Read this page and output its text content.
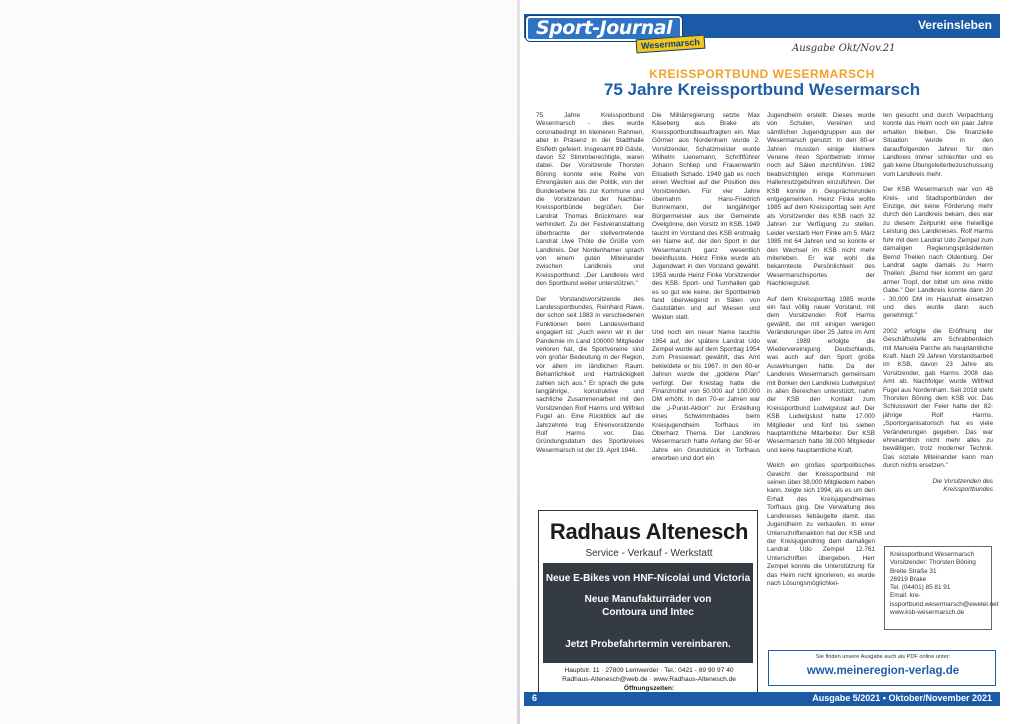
Vereinsleben
Sport-Journal
Wesermarsch	Ausgabe Okt/Nov.21
KREISSPORTBUND WESERMARSCH
75 Jahre Kreissportbund Wesermarsch

75 Jahre Kreissportbund Wesermarsch - dies wurde coronabedingt im kleineren Rahmen, aber in Präsenz in der Stadthalle Elsfleth gefeiert. Insgesamt 89 Gäste, davon 52 Stimmberechtigte, waren dabei. Der Vorsitzende Thorsten Böning konnte eine Reihe von Ehrengästen aus der Politik, von der Bundesebene bis zur Kommune und die Vorsitzenden der Nachbar-Kreissportbünde begrüßen. Der Landrat Thomas Brückmann war verhindert. Zu der Festveranstaltung überbrachte der stellvertretende Landrat Uwe Thöle die Grüße vom Landkreis. Der Nordenhamer sprach von einem guten Miteinander zwischen Landkreis und Kreissportbund: „Der Landkreis wird den Sportbund weiter unterstützen."

Der Vorstandsvorsitzende des Landessportbundes, Reinhard Rawe, der schon seit 1983 in verschiedenen Funktionen beim Landesverband engagiert ist: „Auch wenn wir in der Pandemie im Land 100000 Mitglieder verloren hat, die Sportvereine sind von großer Bedeutung in der Region, vor allem im ländlichen Raum. Beharrlichkeit und Hartnäckigkeit zahlen sich aus." Er sprach die gute langjährige, konstruktive und sachliche Zusammenarbeit mit den Vorsitzenden Rolf Harms und Wilfried Fugel an. Eine Rückblick auf die Jahrzehnte trug Ehrenvorsitzende Rolf Harms vor. Das Gründungsdatum des Sportkreises Wesermarsch ist der 19. April 1946.

Die Militärregierung setzte Max Käseberg aus Brake als Kreissportbundbeauftragten ein. Max Görmer aus Nordenham wurde 2. Vorsitzender, Schatzmeister wurde Wilhelm Lienemann, Schriftführer Johann Schliep und Frauenwartin Elisabeth Schado. 1949 gab es noch einen Wechsel auf der Position des Vorsitzenden. Für vier Jahre übernahm Hans-Friedrich Bunnemann, der langjähriger Bürgermeister aus der Gemeinde Ovelgönne, den Vorsitz im KSB. 1949 taucht im Vorstand des KSB erstmalig ein Name auf, der den Sport in der Wesermarsch ganz wesentlich beeinflusste. Heinz Finke wurde als Jugendwart in den Vorstand gewählt. 1953 wurde Heinz Finke Vorsitzender des KSB. Sport- und Turnhallen gab es so gut wie keine, der Sportbetrieb fand überwiegend in Sälen von Gaststätten und auf Wiesen und Weiden statt.

Und noch ein neuer Name tauchte 1954 auf, der spätere Landrat Udo Zempel wurde auf dem Sporttag 1954 zum Pressewart gewählt, das Amt bekleidete er bis 1967. In den 60-er Jahren wurde der „goldene Plan" verfolgt. Der Kreistag hatte die Finanzmittel von 50.000 auf 100.000 DM erhöht. In den 70-er Jahren war die „i-Punkt-Aktion" zur Erstellung eines Schwimmbades beim Kreisjugendheim Torfhaus im Oberharz Thema. Der Landkreis Wesermarsch hatte Anfang der 50-er Jahre ein Grundstück in Torfhaus erworben und dort ein

Jugendheim erstellt. Dieses wurde von Schulen, Vereinen und sämtlichen Jugendgruppen aus der Wesermarsch genutzt. In den 80-er Jahren mussten einige kleinere Vereine ihren Sportbetrieb immer noch auf Sälen durchführen. 1982 beabsichtigten einige Kommunen Hallennutzgebühren einzuführen. Der KSB konnte in Gesprächsrunden entgegenwirken. Heinz Finke wollte 1985 auf dem Kreissporttag sein Amt als Vorsitzender des KSB nach 32 Jahren zur Verfügung zu stellen. Leider verstarb Herr Finke am 5. März 1985 mit 64 Jahren und so konnte er den Wechsel im KSB nicht mehr miterleben. Er war wohl die bekannteste Persönlichkeit des Wesermarschsportes der Nachkriegszeit.

Auf dem Kreissporttag 1985 wurde ein fast völlig neuer Vorstand, mit dem Vorsitzenden Rolf Harms gewählt, der mit einigen wenigen Veränderungen über 25 Jahre im Amt war. 1989 erfolgte die Wiedervereinigung Deutschlands, was auch auf den Sport große Auswirkungen hatte. Da der Landkreis Wesermarsch gemeinsam mit Borken den Landkreis Ludwigslust in allen Bereichen unterstützt, nahm der KSB den Kontakt zum Kreissportbund Ludwigslust auf. Der KSB Ludwigslust hatte 17.000 Mitglieder und fünf bis sieben hauptamtliche Mitarbeiter. Der KSB Wesermarsch hatte 38.000 Mitglieder und keine hauptamtliche Kraft.

Welch ein großes sportpolitisches Gewicht der Kreissportbund mit seinen über 38.000 Mitgliedern haben kann, zeigte sich 1994, als es um den Erhalt des Kreisjugendheimes Torfhaus ging. Die Verwaltung des Landkreises liebäugelte damit, das Jugendheim zu verkaufen. In einer Unterschriftenaktion hat der KSB und der Kreisjugendring dem damaligen Landrat Udo Zempel 12.761 Unterschriften übergeben. Herr Zempel konnte die Unterstützung für das Heim nicht ignorieren, es wurde nach Lösungsmöglichkei-

ten gesucht und durch Verpachtung konnte das Heim noch ein paar Jahre erhalten bleiben. Die finanzielle Situation wurde in den darauffolgenden Jahren für den Landkreis immer schlechter und es gab keine Übungsleiterbezuschussung vom Landkreis mehr.

Der KSB Wesermarsch war von 48 Kreis- und Stadtsportbünden der Einzige, der keine Förderung mehr durch den Landkreis bekam, dies war zu diesem Zeitpunkt eine freiwillige Leistung des Landkreises. Rolf Harms fuhr mit dem Landrat Udo Zempel zum damaligen Regierungspräsidenten Bernd Theilen nach Oldenburg. Der Landrat sagte damals zu Herrn Theilen: „Bernd hier kommt ein ganz armer Tropf, der bittet um eine milde Gabe." Der Landkreis konnte dann 20 - 30.000 DM im Haushalt einsetzen und dies wurde dann auch genehmigt."

2002 erfolgte die Eröffnung der Geschäftsstelle am Schrabberdeich mit Manuela Parche als hauptamtliche Kraft. Nach 29 Jahren Vorstandsarbeit im KSB, davon 23 Jahre als Vorsitzender, gab Harms 2008 das Amt ab. Nachfolger wurde Wilfried Fugel aus Nordenham. Seit 2018 steht Thorsten Böning dem KSB vor. Das Schlusswort der Feier hatte der 82-jährige Rolf Harms. „Sportorganisatorisch hat es viele Veränderungen gegeben. Das war ehrenamtlich nicht mehr alles zu bewältigen, trotz moderner Technik. Das soziale Miteinander kann man durch nichts ersetzen."

Die Vorsitzenden des Kreissportbundes

Kreissportbund Wesermarsch
Vorsitzender: Thorsten Böning
Breite Straße 31
26919 Brake
Tel. (04401) 85 81 91
Email: kre-issportbund.wesermarsch@ewetel.net
www.ksb-wesermarsch.de
Radhaus Altenesch
Service - Verkauf - Werkstatt
Neue E-Bikes von HNF-Nicolai und Victoria
Neue Manufakturräder von
Contoura und Intec
Jetzt Probefahrtermin vereinbaren.
Hauptstr. 11 · 27809 Lemwerder · Tel.: 0421 - 69 90 97 40
Radhaus-Altenesch@web.de · www.Radhaus-Altenesch.de
Öffnungszeiten:
Sie finden unsere Ausgabe auch als PDF online unter:
www.meineregion-verlag.de
6	Ausgabe 5/2021 • Oktober/November 2021
